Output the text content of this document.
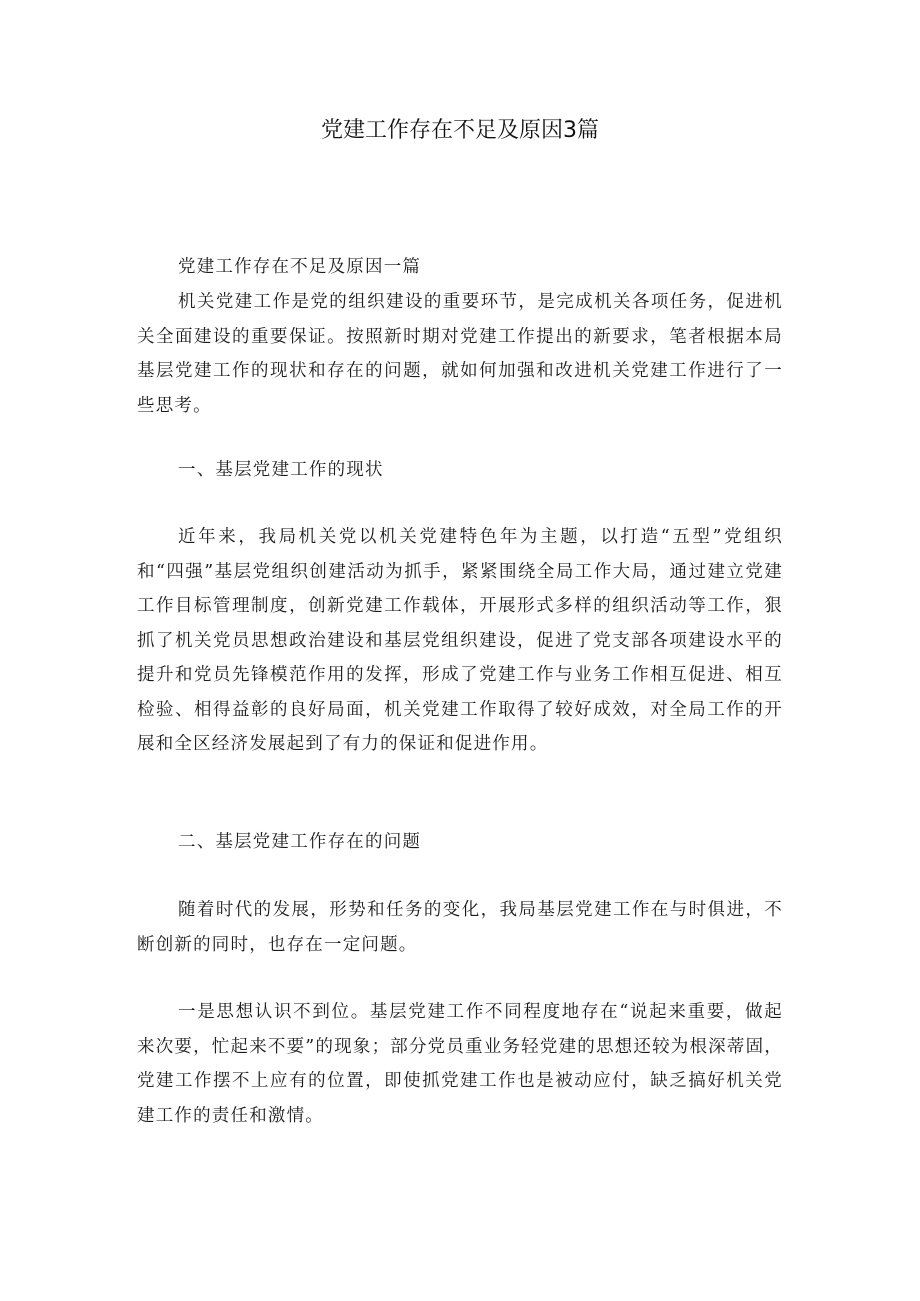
党建工作存在不足及原因3篇

党建工作存在不足及原因一篇

机关党建工作是党的组织建设的重要环节，是完成机关各项任务，促进机关全面建设的重要保证。按照新时期对党建工作提出的新要求，笔者根据本局基层党建工作的现状和存在的问题，就如何加强和改进机关党建工作进行了一些思考。

一、基层党建工作的现状

近年来，我局机关党以机关党建特色年为主题，以打造“五型”党组织和“四强”基层党组织创建活动为抓手，紧紧围绕全局工作大局，通过建立党建工作目标管理制度，创新党建工作载体，开展形式多样的组织活动等工作，狠抓了机关党员思想政治建设和基层党组织建设，促进了党支部各项建设水平的提升和党员先锋模范作用的发挥，形成了党建工作与业务工作相互促进、相互检验、相得益彰的良好局面，机关党建工作取得了较好成效，对全局工作的开展和全区经济发展起到了有力的保证和促进作用。

二、基层党建工作存在的问题

随着时代的发展，形势和任务的变化，我局基层党建工作在与时俱进，不断创新的同时，也存在一定问题。

一是思想认识不到位。基层党建工作不同程度地存在“说起来重要，做起来次要，忙起来不要”的现象；部分党员重业务轻党建的思想还较为根深蒂固，党建工作摆不上应有的位置，即使抓党建工作也是被动应付，缺乏搞好机关党建工作的责任和激情。
